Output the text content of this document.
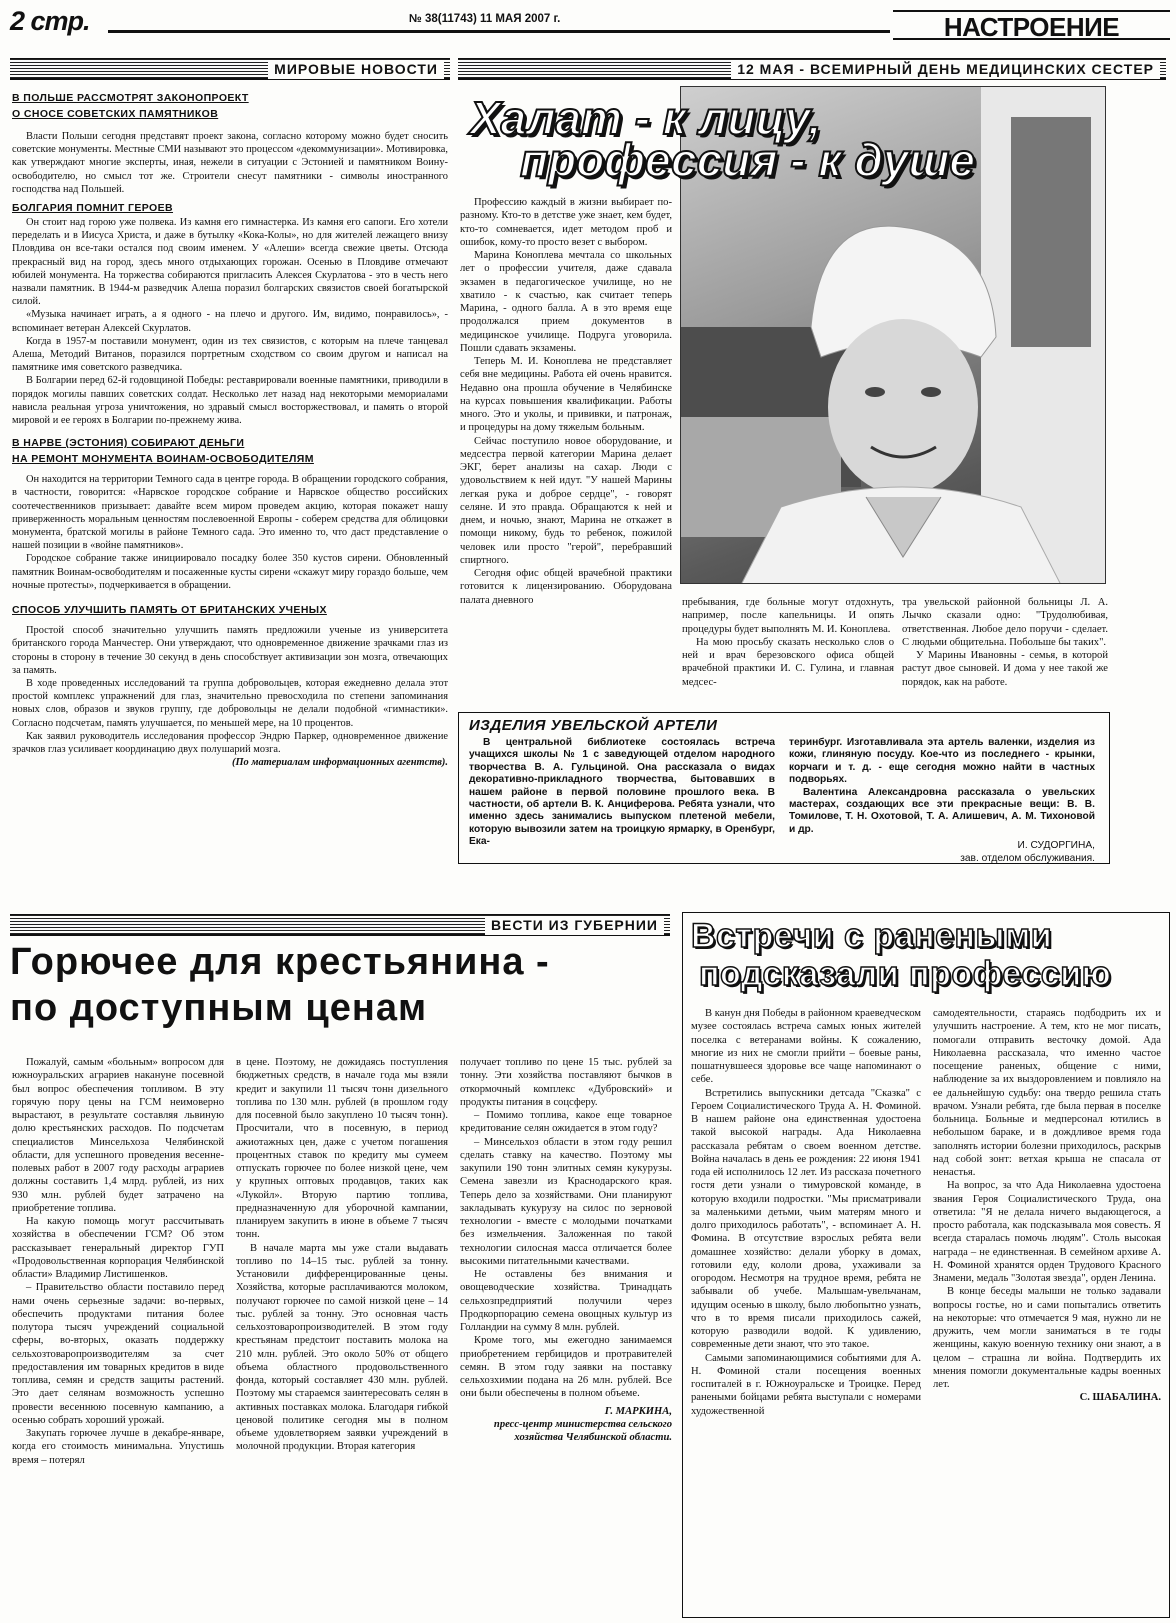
2 стр.	№ 38(11743) 11 МАЯ 2007 г.	НАСТРОЕНИЕ
МИРОВЫЕ НОВОСТИ
В ПОЛЬШЕ РАССМОТРЯТ ЗАКОНОПРОЕКТ
О СНОСЕ СОВЕТСКИХ ПАМЯТНИКОВ

Власти Польши сегодня представят проект закона, согласно которому можно будет сносить советские монументы. Местные СМИ называют это процессом «декоммунизации». Мотивировка, как утверждают многие эксперты, иная, нежели в ситуации с Эстонией и памятником Воину-освободителю, но смысл тот же. Строители снесут памятники - символы иностранного господства над Польшей.

БОЛГАРИЯ ПОМНИТ ГЕРОЕВ

Он стоит над горою уже полвека. Из камня его гимнастерка. Из камня его сапоги. Его хотели переделать и в Иисуса Христа, и даже в бутылку «Кока-Колы», но для жителей лежащего внизу Пловдива он все-таки остался под своим именем. У «Алеши» всегда свежие цветы. Отсюда прекрасный вид на город, здесь много отдыхающих горожан. Осенью в Пловдиве отмечают юбилей монумента. На торжества собираются пригласить Алексея Скурлатова - это в честь него назвали памятник. В 1944-м разведчик Алеша поразил болгарских связистов своей богатырской силой.

«Музыка начинает играть, а я одного - на плечо и другого. Им, видимо, понравилось», - вспоминает ветеран Алексей Скурлатов.

Когда в 1957-м поставили монумент, один из тех связистов, с которым на плече танцевал Алеша, Методий Витанов, поразился портретным сходством со своим другом и написал на памятнике имя советского разведчика.

В Болгарии перед 62-й годовщиной Победы: реставрировали военные памятники, приводили в порядок могилы павших советских солдат. Несколько лет назад над некоторыми мемориалами нависла реальная угроза уничтожения, но здравый смысл восторжествовал, и память о второй мировой и ее героях в Болгарии по-прежнему жива.

В НАРВЕ (ЭСТОНИЯ) СОБИРАЮТ ДЕНЬГИ
НА РЕМОНТ МОНУМЕНТА ВОИНАМ-ОСВОБОДИТЕЛЯМ

Он находится на территории Темного сада в центре города. В обращении городского собрания, в частности, говорится: «Нарвское городское собрание и Нарвское общество российских соотечественников призывает: давайте всем миром проведем акцию, которая покажет нашу приверженность моральным ценностям послевоенной Европы - соберем средства для облицовки монумента, братской могилы в районе Темного сада. Это именно то, что даст представление о нашей позиции в «войне памятников».

Городское собрание также инициировало посадку более 350 кустов сирени. Обновленный памятник Воинам-освободителям и посаженные кусты сирени «скажут миру гораздо больше, чем ночные протесты», подчеркивается в обращении.

СПОСОБ УЛУЧШИТЬ ПАМЯТЬ ОТ БРИТАНСКИХ УЧЕНЫХ

Простой способ значительно улучшить память предложили ученые из университета британского города Манчестер. Они утверждают, что одновременное движение зрачками глаз из стороны в сторону в течение 30 секунд в день способствует активизации зон мозга, отвечающих за память.

В ходе проведенных исследований та группа добровольцев, которая ежедневно делала этот простой комплекс упражнений для глаз, значительно превосходила по степени запоминания новых слов, образов и звуков группу, где добровольцы не делали подобной «гимнастики». Согласно подсчетам, память улучшается, по меньшей мере, на 10 процентов.

Как заявил руководитель исследования профессор Эндрю Паркер, одновременное движение зрачков глаз усиливает координацию двух полушарий мозга.

(По материалам информационных агентств).

12 МАЯ - ВСЕМИРНЫЙ ДЕНЬ МЕДИЦИНСКИХ СЕСТЕР
Халат - к лицу,
профессия - к душе

Профессию каждый в жизни выбирает по-разному. Кто-то в детстве уже знает, кем будет, кто-то сомневается, идет методом проб и ошибок, кому-то просто везет с выбором.

Марина Коноплева мечтала со школьных лет о профессии учителя, даже сдавала экзамен в педагогическое училище, но не хватило - к счастью, как считает теперь Марина, - одного балла. А в это время еще продолжался прием документов в медицинское училище. Подруга уговорила. Пошли сдавать экзамены.

Теперь М. И. Коноплева не представляет себя вне медицины. Работа ей очень нравится. Недавно она прошла обучение в Челябинске на курсах повышения квалификации. Работы много. Это и уколы, и прививки, и патронаж, и процедуры на дому тяжелым больным.

Сейчас поступило новое оборудование, и медсестра первой категории Марина делает ЭКГ, берет анализы на сахар. Люди с удовольствием к ней идут. "У нашей Марины легкая рука и доброе сердце", - говорят селяне. И это правда. Обращаются к ней и днем, и ночью, знают, Марина не откажет в помощи никому, будь то ребенок, пожилой человек или просто "герой", перебравший спиртного.

Сегодня офис общей врачебной практики готовится к лицензированию. Оборудована палата дневного	пребывания, где больные могут отдохнуть, например, после капельницы. И опять процедуры будет выполнять М. И. Коноплева.

На мою просьбу сказать несколько слов о ней и врач березовского офиса общей врачебной практики И. С. Гулина, и главная медсес-

тра увельской районной больницы Л. А. Лычко сказали одно: "Трудолюбивая, ответственная. Любое дело поручи - сделает. С людьми общительна. Побольше бы таких".

У Марины Ивановны - семья, в которой растут двое сыновей. И дома у нее такой же порядок, как на работе.

ИЗДЕЛИЯ УВЕЛЬСКОЙ АРТЕЛИ

В центральной библиотеке состоялась встреча учащихся школы № 1 с заведующей отделом народного творчества В. А. Гульциной. Она рассказала о видах декоративно-прикладного творчества, бытовавших в нашем районе в первой половине прошлого века. В частности, об артели В. К. Анциферова. Ребята узнали, что именно здесь занимались выпуском плетеной мебели, которую вывозили затем на троицкую ярмарку, в Оренбург, Ека-

теринбург. Изготавливала эта артель валенки, изделия из кожи, глиняную посуду. Кое-что из последнего - крынки, корчаги и т. д. - еще сегодня можно найти в частных подворьях.

Валентина Александровна рассказала о увельских мастерах, создающих все эти прекрасные вещи: В. В. Томилове, Т. Н. Охотовой, Т. А. Алишевич, А. М. Тихоновой и др.

И. СУДОРГИНА,

зав. отделом обслуживания.

ВЕСТИ ИЗ ГУБЕРНИИ
Горючее для крестьянина -
по доступным ценам

Пожалуй, самым «больным» вопросом для южноуральских аграриев накануне посевной был вопрос обеспечения топливом. В эту горячую пору цены на ГСМ неимоверно вырастают, в результате составляя львиную долю крестьянских расходов. По подсчетам специалистов Минсельхоза Челябинской области, для успешного проведения весенне-полевых работ в 2007 году расходы аграриев должны составить 1,4 млрд. рублей, из них 930 млн. рублей будет затрачено на приобретение топлива.

На какую помощь могут рассчитывать хозяйства в обеспечении ГСМ? Об этом рассказывает генеральный директор ГУП «Продовольственная корпорация Челябинской области» Владимир Листишенков.

– Правительство области поставило перед нами очень серьезные задачи: во-первых, обеспечить продуктами питания более полутора тысяч учреждений социальной сферы, во-вторых, оказать поддержку сельхозтоваропроизводителям за счет предоставления им товарных кредитов в виде топлива, семян и средств защиты растений. Это дает селянам возможность успешно провести весеннюю посевную кампанию, а осенью собрать хороший урожай.

Закупать горючее лучше в декабре-январе, когда его стоимость минимальна. Упустишь время – потерял

в цене. Поэтому, не дожидаясь поступления бюджетных средств, в начале года мы взяли кредит и закупили 11 тысяч тонн дизельного топлива по 130 млн. рублей (в прошлом году для посевной было закуплено 10 тысяч тонн). Просчитали, что в посевную, в период ажиотажных цен, даже с учетом погашения процентных ставок по кредиту мы сумеем отпускать горючее по более низкой цене, чем у крупных оптовых продавцов, таких как «Лукойл». Вторую партию топлива, предназначенную для уборочной кампании, планируем закупить в июне в объеме 7 тысяч тонн.

В начале марта мы уже стали выдавать топливо по 14–15 тыс. рублей за тонну. Установили дифференцированные цены. Хозяйства, которые расплачиваются молоком, получают горючее по самой низкой цене – 14 тыс. рублей за тонну. Это основная часть сельхозтоваропроизводителей. В этом году крестьянам предстоит поставить молока на 210 млн. рублей. Это около 50% от общего объема областного продовольственного фонда, который составляет 430 млн. рублей. Поэтому мы стараемся заинтересовать селян в активных поставках молока. Благодаря гибкой ценовой политике сегодня мы в полном объеме удовлетворяем заявки учреждений в молочной продукции. Вторая категория

получает топливо по цене 15 тыс. рублей за тонну. Эти хозяйства поставляют бычков в откормочный комплекс «Дубровский» и продукты питания в соцсферу.

– Помимо топлива, какое еще товарное кредитование селян ожидается в этом году?

– Минсельхоз области в этом году решил сделать ставку на качество. Поэтому мы закупили 190 тонн элитных семян кукурузы. Семена завезли из Краснодарского края. Теперь дело за хозяйствами. Они планируют закладывать кукурузу на силос по зерновой технологии - вместе с молодыми початками без измельчения. Заложенная по такой технологии силосная масса отличается более высокими питательными качествами.

Не оставлены без внимания и овощеводческие хозяйства. Тринадцать сельхозпредприятий получили через Продкорпорацию семена овощных культур из Голландии на сумму 8 млн. рублей.

Кроме того, мы ежегодно занимаемся приобретением гербицидов и протравителей семян. В этом году заявки на поставку сельхозхимии подана на 26 млн. рублей. Все они были обеспечены в полном объеме.

Г. МАРКИНА,

пресс-центр министерства сельского хозяйства Челябинской области.

Встречи с ранеными
подсказали профессию

В канун дня Победы в районном краеведческом музее состоялась встреча самых юных жителей поселка с ветеранами войны. К сожалению, многие из них не смогли прийти – боевые раны, пошатнувшееся здоровье все чаще напоминают о себе.

Встретились выпускники детсада "Сказка" с Героем Социалистического Труда А. Н. Фоминой. В нашем районе она единственная удостоена такой высокой награды. Ада Николаевна рассказала ребятам о своем военном детстве. Война началась в день ее рождения: 22 июня 1941 года ей исполнилось 12 лет. Из рассказа почетного гостя дети узнали о тимуровской команде, в которую входили подростки. "Мы присматривали за маленькими детьми, чьим матерям много и долго приходилось работать", - вспоминает А. Н. Фомина. В отсутствие взрослых ребята вели домашнее хозяйство: делали уборку в домах, готовили еду, кололи дрова, ухаживали за огородом. Несмотря на трудное время, ребята не забывали об учебе. Малышам-увельчанам, идущим осенью в школу, было любопытно узнать, что в то время писали приходилось сажей, которую разводили водой. К удивлению, современные дети знают, что это такое.

Самыми запоминающимися событиями для А. Н. Фоминой стали посещения военных госпиталей в г. Южноуральске и Троицке. Перед ранеными бойцами ребята выступали с номерами художественной

самодеятельности, стараясь подбодрить их и улучшить настроение. А тем, кто не мог писать, помогали отправить весточку домой. Ада Николаевна рассказала, что именно частое посещение раненых, общение с ними, наблюдение за их выздоровлением и повлияло на ее дальнейшую судьбу: она твердо решила стать врачом. Узнали ребята, где была первая в поселке больница. Больные и медперсонал ютились в небольшом бараке, и в дождливое время года заполнять истории болезни приходилось, раскрыв над собой зонт: ветхая крыша не спасала от ненастья.

На вопрос, за что Ада Николаевна удостоена звания Героя Социалистического Труда, она ответила: "Я не делала ничего выдающегося, а просто работала, как подсказывала моя совесть. Я всегда старалась помочь людям". Столь высокая награда – не единственная. В семейном архиве А. Н. Фоминой хранятся орден Трудового Красного Знамени, медаль "Золотая звезда", орден Ленина.

В конце беседы малыши не только задавали вопросы гостье, но и сами попытались ответить на некоторые: что отмечается 9 мая, нужно ли не дружить, чем могли заниматься в те годы женщины, какую военную технику они знают, а в целом – страшна ли война. Подтвердить их мнения помогли документальные кадры военных лет.

С. ШАБАЛИНА.
